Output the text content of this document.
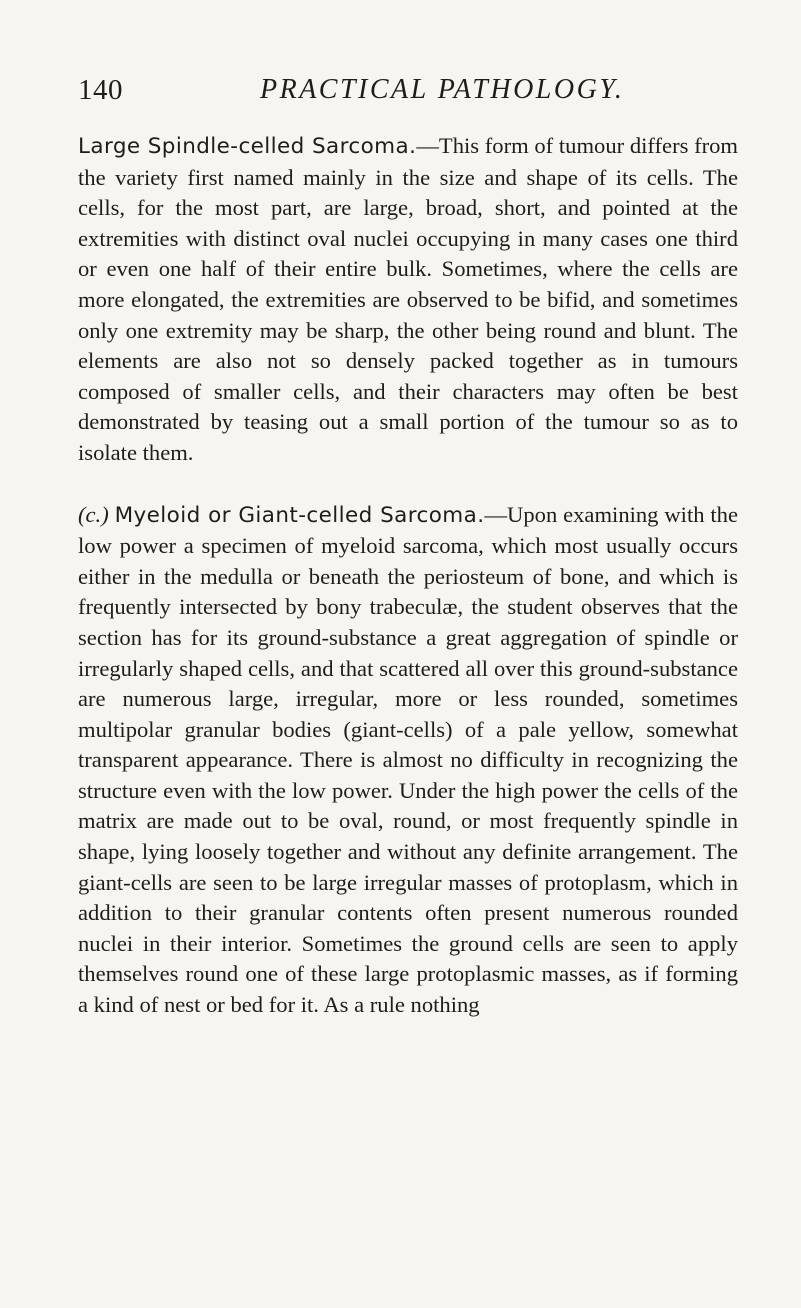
140	PRACTICAL PATHOLOGY.

Large Spindle-celled Sarcoma.—This form of tumour differs from the variety first named mainly in the size and shape of its cells. The cells, for the most part, are large, broad, short, and pointed at the extremities with distinct oval nuclei occupying in many cases one third or even one half of their entire bulk. Sometimes, where the cells are more elongated, the extremities are observed to be bifid, and sometimes only one extremity may be sharp, the other being round and blunt. The elements are also not so densely packed together as in tumours composed of smaller cells, and their characters may often be best demonstrated by teasing out a small portion of the tumour so as to isolate them.

(c.) Myeloid or Giant-celled Sarcoma.—Upon examining with the low power a specimen of myeloid sarcoma, which most usually occurs either in the medulla or beneath the periosteum of bone, and which is frequently intersected by bony trabeculæ, the student observes that the section has for its ground-substance a great aggregation of spindle or irregularly shaped cells, and that scattered all over this ground-substance are numerous large, irregular, more or less rounded, sometimes multipolar granular bodies (giant-cells) of a pale yellow, somewhat transparent appearance. There is almost no difficulty in recognizing the structure even with the low power. Under the high power the cells of the matrix are made out to be oval, round, or most frequently spindle in shape, lying loosely together and without any definite arrangement. The giant-cells are seen to be large irregular masses of protoplasm, which in addition to their granular contents often present numerous rounded nuclei in their interior. Sometimes the ground cells are seen to apply themselves round one of these large protoplasmic masses, as if forming a kind of nest or bed for it. As a rule nothing
